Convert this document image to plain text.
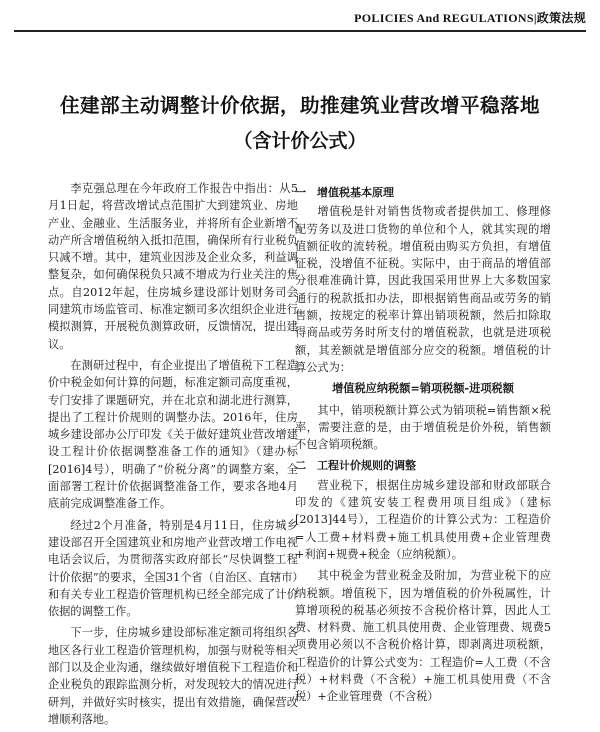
POLICIES And REGULATIONS|政策法规
住建部主动调整计价依据，助推建筑业营改增平稳落地
（含计价公式）

李克强总理在今年政府工作报告中指出：从5月1日起，将营改增试点范围扩大到建筑业、房地产业、金融业、生活服务业，并将所有企业新增不动产所含增值税纳入抵扣范围，确保所有行业税负只减不增。其中，建筑业因涉及企业众多，利益调整复杂，如何确保税负只减不增成为行业关注的焦点。自2012年起，住房城乡建设部计划财务司会同建筑市场监管司、标准定额司多次组织企业进行模拟测算，开展税负测算政研，反馈情况，提出建议。

在测研过程中，有企业提出了增值税下工程造价中税金如何计算的问题，标准定额司高度重视，专门安排了课题研究，并在北京和湖北进行测算，提出了工程计价规则的调整办法。2016年，住房城乡建设部办公厅印发《关于做好建筑业营改增建设工程计价依据调整准备工作的通知》（建办标[2016]4号），明确了“价税分离”的调整方案，全面部署工程计价依据调整准备工作，要求各地4月底前完成调整准备工作。

经过2个月准备，特别是4月11日，住房城乡建设部召开全国建筑业和房地产业营改增工作电视电话会议后，为贯彻落实政府部长“尽快调整工程计价依据”的要求，全国31个省（自治区、直辖市）和有关专业工程造价管理机构已经全部完成了计价依据的调整工作。

下一步，住房城乡建设部标准定额司将组织各地区各行业工程造价管理机构，加强与财税等相关部门以及企业沟通，继续做好增值税下工程造价和企业税负的跟踪监测分析，对发现较大的情况进行研判，并做好实时核实，提出有效措施，确保营改增顺利落地。

一　增值税基本原理

增值税是针对销售货物或者提供加工、修理修配劳务以及进口货物的单位和个人，就其实现的增值额征收的流转税。增值税由购买方负担，有增值征税，没增值不征税。实际中，由于商品的增值部分很难准确计算，因此我国采用世界上大多数国家通行的税款抵扣办法，即根据销售商品或劳务的销售额，按规定的税率计算出销项税额，然后扣除取得商品或劳务时所支付的增值税款，也就是进项税额，其差额就是增值部分应交的税额。增值税的计算公式为：

增值税应纳税额=销项税额-进项税额

其中，销项税额计算公式为销项税=销售额×税率，需要注意的是，由于增值税是价外税，销售额不包含销项税额。

二　工程计价规则的调整

营业税下，根据住房城乡建设部和财政部联合印发的《建筑安装工程费用项目组成》（建标[2013]44号），工程造价的计算公式为：工程造价=人工费+材料费+施工机具使用费+企业管理费+利润+规费+税金（应纳税额）。

其中税金为营业税金及附加，为营业税下的应纳税额。增值税下，因为增值税的价外税属性，计算增项税的税基必须按不含税价格计算，因此人工费、材料费、施工机具使用费、企业管理费、规费5项费用必须以不含税价格计算，即剥离进项税额，工程造价的计算公式变为：工程造价=人工费（不含税）+材料费（不含税）+施工机具使用费（不含税）+企业管理费（不含税）
